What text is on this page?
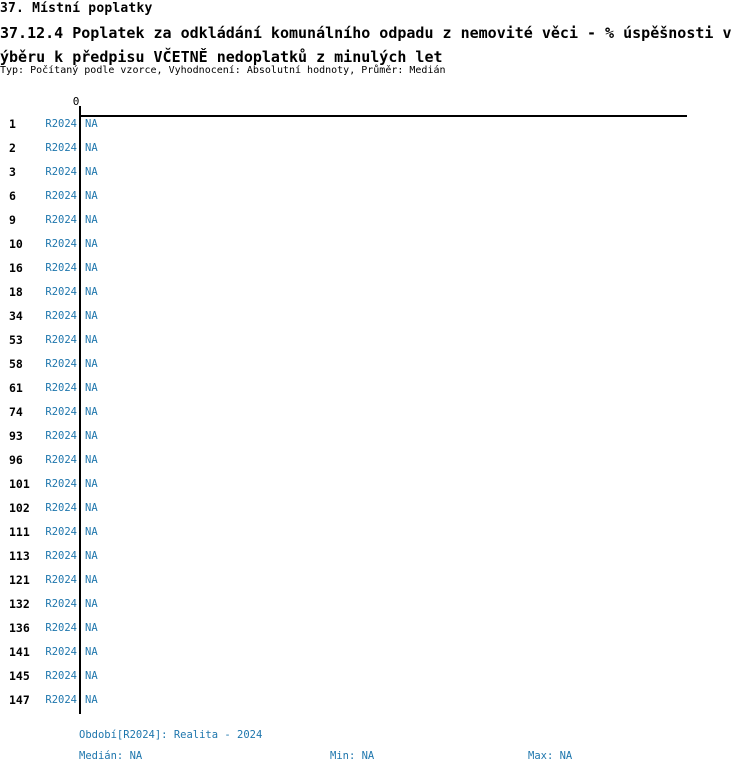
37. Místní poplatky
37.12.4 Poplatek za odkládání komunálního odpadu z nemovité věci - % úspěšnosti v
ýběru k předpisu VČETNĚ nedoplatků z minulých let
Typ: Počítaný podle vzorce, Vyhodnocení: Absolutní hodnoty, Průměr: Medián
0
1	R2024 NA
2	R2024 NA
3	R2024 NA
6	R2024 NA
9	R2024 NA
10 R2024 NA
16 R2024 NA
18 R2024 NA
34 R2024 NA
53 R2024 NA
58 R2024 NA
61 R2024 NA
74 R2024 NA
93 R2024 NA
96 R2024 NA
101 R2024 NA
102 R2024 NA
111 R2024 NA
113 R2024 NA
121 R2024 NA
132 R2024 NA
136 R2024 NA
141 R2024 NA
145 R2024 NA
147 R2024 NA
Období[R2024]: Realita - 2024
Medián: NA	Min: NA	Max: NA
